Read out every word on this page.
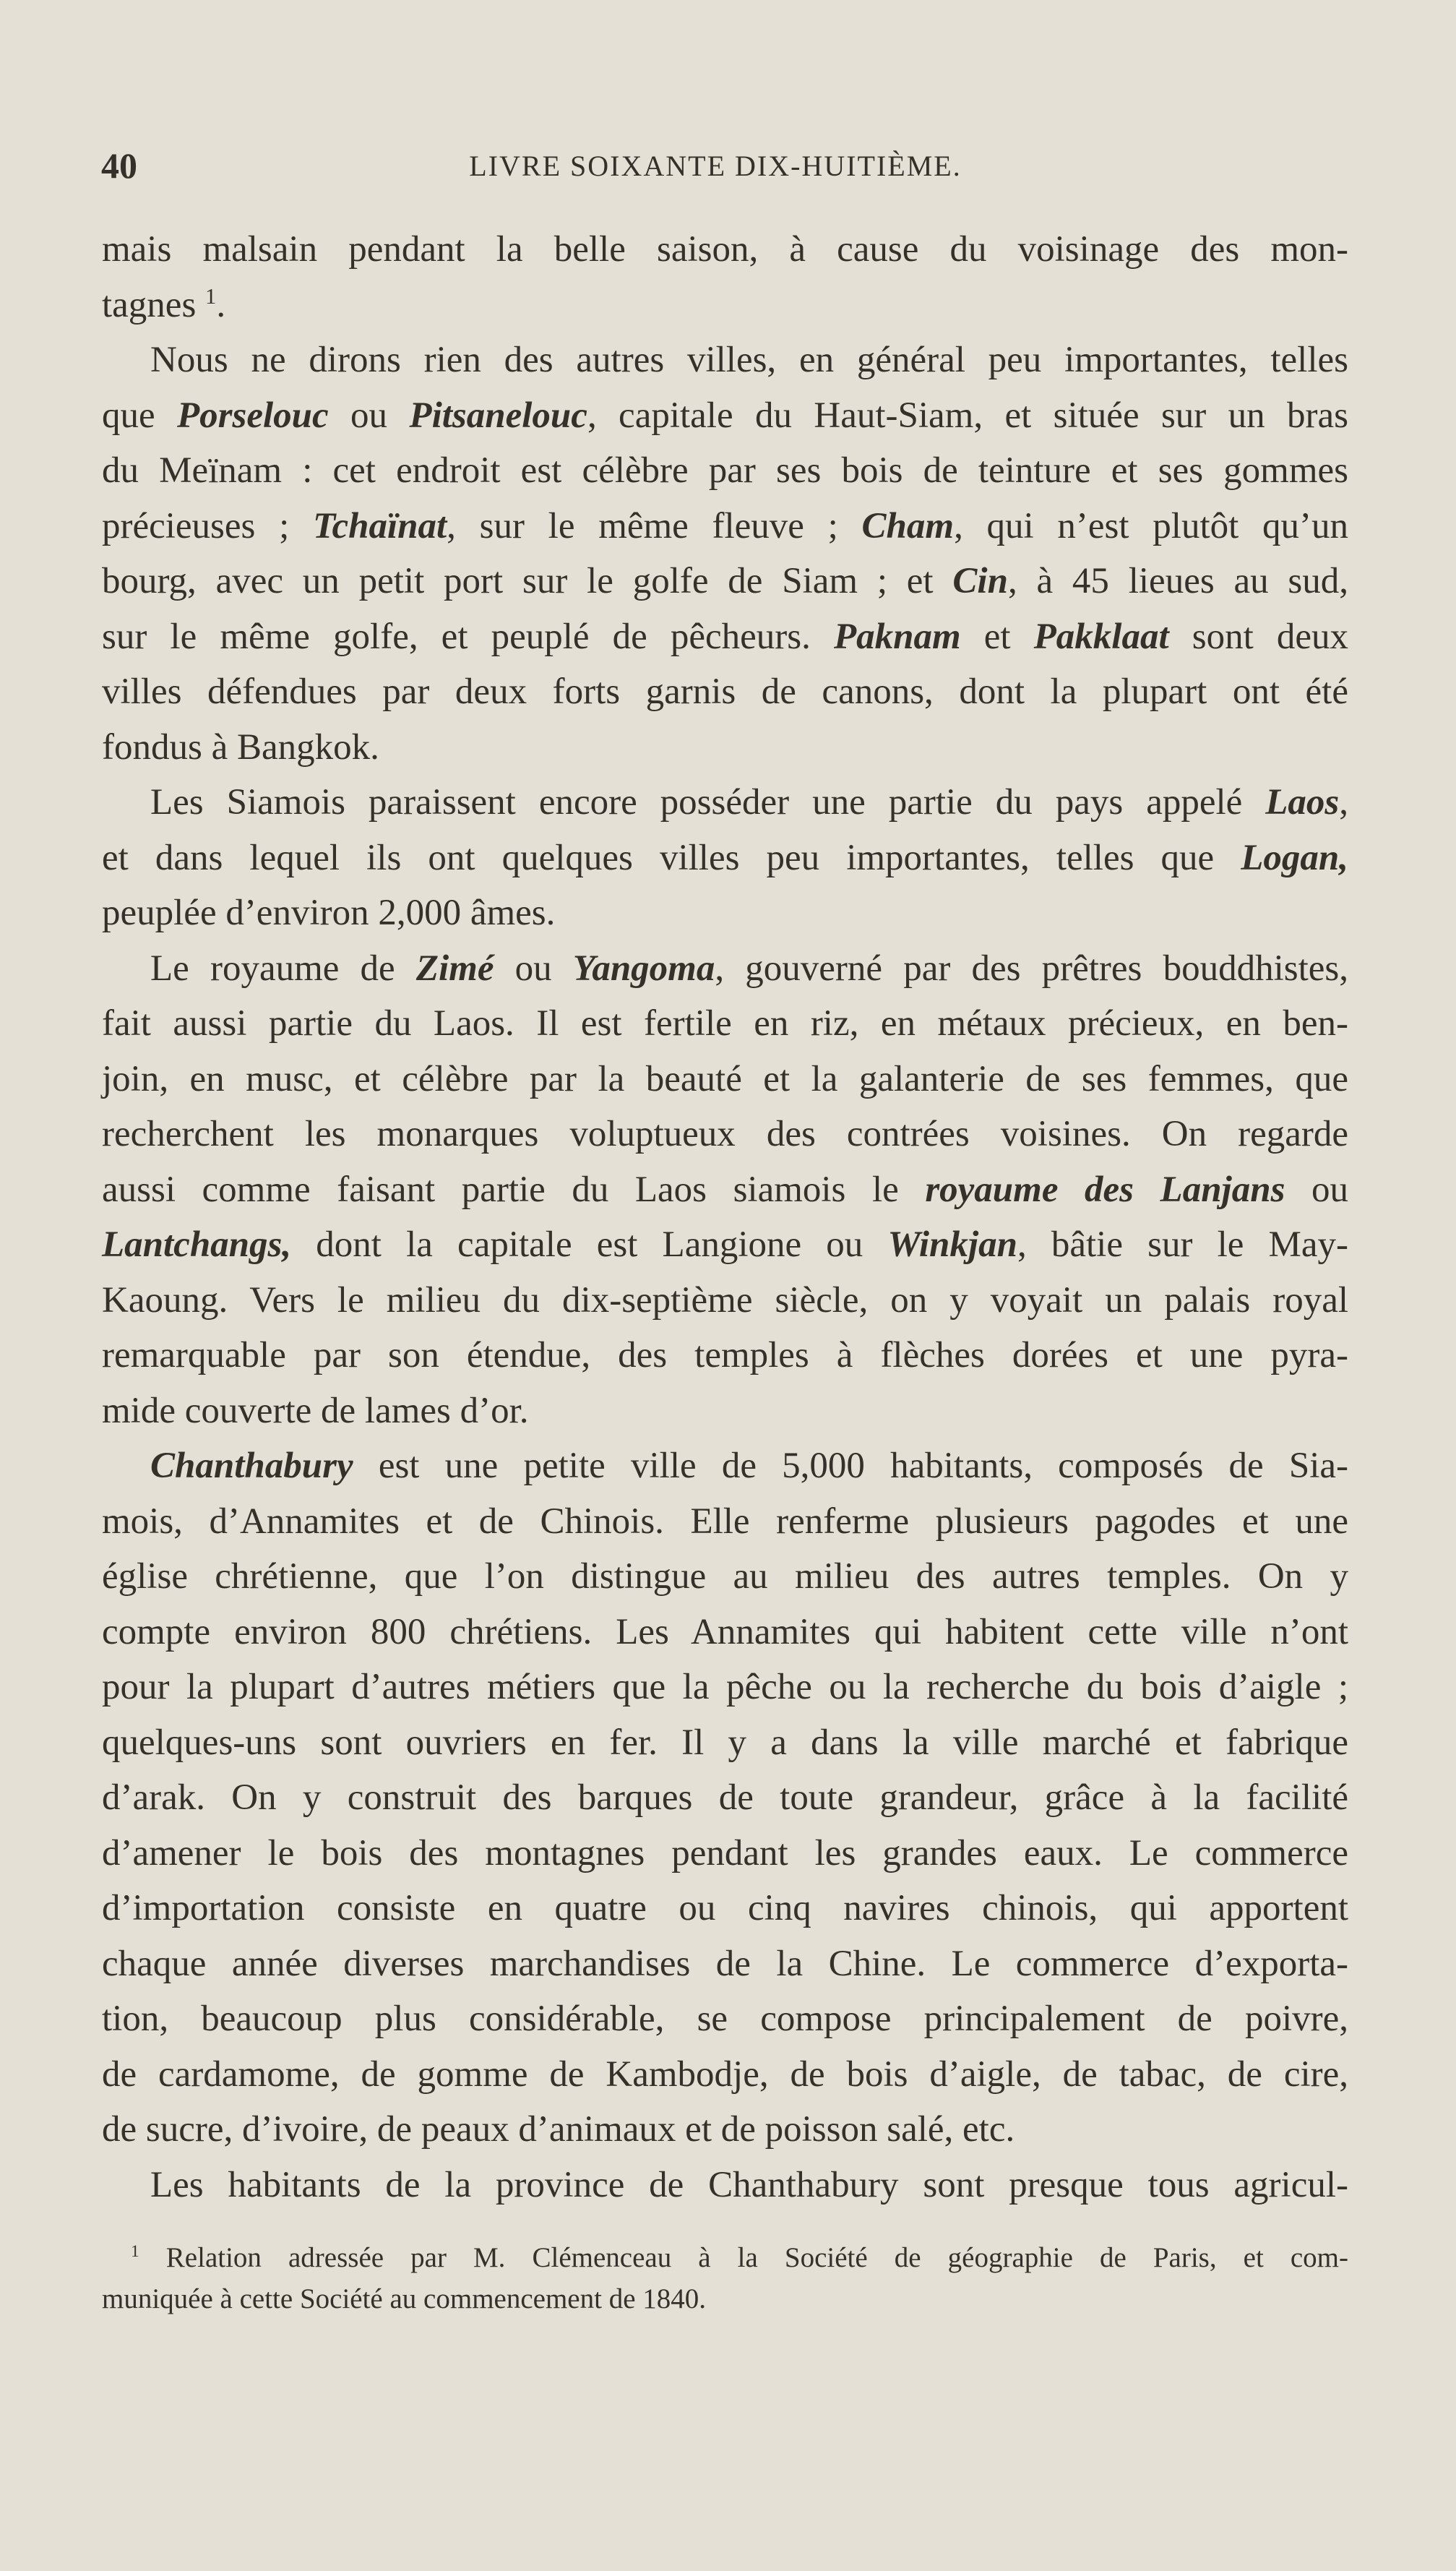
40	LIVRE SOIXANTE DIX-HUITIÈME.
mais malsain pendant la belle saison, à cause du voisinage des mon-
tagnes $^1$.
Nous ne dirons rien des autres villes, en général peu importantes, telles
que Porselouc ou Pitsanelouc, capitale du Haut-Siam, et située sur un bras
du Meïnam : cet endroit est célèbre par ses bois de teinture et ses gommes
précieuses ; Tchaïnat, sur le même fleuve ; Cham, qui n’est plutôt qu’un
bourg, avec un petit port sur le golfe de Siam ; et Cin, à 45 lieues au sud,
sur le même golfe, et peuplé de pêcheurs. Paknam et Pakklaat sont deux
villes défendues par deux forts garnis de canons, dont la plupart ont été
fondus à Bangkok.
Les Siamois paraissent encore posséder une partie du pays appelé Laos,
et dans lequel ils ont quelques villes peu importantes, telles que Logan,
peuplée d’environ 2,000 âmes.
Le royaume de Zimé ou Yangoma, gouverné par des prêtres bouddhistes,
fait aussi partie du Laos. Il est fertile en riz, en métaux précieux, en ben-
join, en musc, et célèbre par la beauté et la galanterie de ses femmes, que
recherchent les monarques voluptueux des contrées voisines. On regarde
aussi comme faisant partie du Laos siamois le royaume des Lanjans ou
Lantchangs, dont la capitale est Langione ou Winkjan, bâtie sur le May-
Kaoung. Vers le milieu du dix-septième siècle, on y voyait un palais royal
remarquable par son étendue, des temples à flèches dorées et une pyra-
mide couverte de lames d’or.
Chanthabury est une petite ville de 5,000 habitants, composés de Sia-
mois, d’Annamites et de Chinois. Elle renferme plusieurs pagodes et une
église chrétienne, que l’on distingue au milieu des autres temples. On y
compte environ 800 chrétiens. Les Annamites qui habitent cette ville n’ont
pour la plupart d’autres métiers que la pêche ou la recherche du bois d’aigle ;
quelques-uns sont ouvriers en fer. Il y a dans la ville marché et fabrique
d’arak. On y construit des barques de toute grandeur, grâce à la facilité
d’amener le bois des montagnes pendant les grandes eaux. Le commerce
d’importation consiste en quatre ou cinq navires chinois, qui apportent
chaque année diverses marchandises de la Chine. Le commerce d’exporta-
tion, beaucoup plus considérable, se compose principalement de poivre,
de cardamome, de gomme de Kambodje, de bois d’aigle, de tabac, de cire,
de sucre, d’ivoire, de peaux d’animaux et de poisson salé, etc.
Les habitants de la province de Chanthabury sont presque tous agricul-
$^1$ Relation adressée par M. Clémenceau à la Société de géographie de Paris, et com-
muniquée à cette Société au commencement de 1840.
